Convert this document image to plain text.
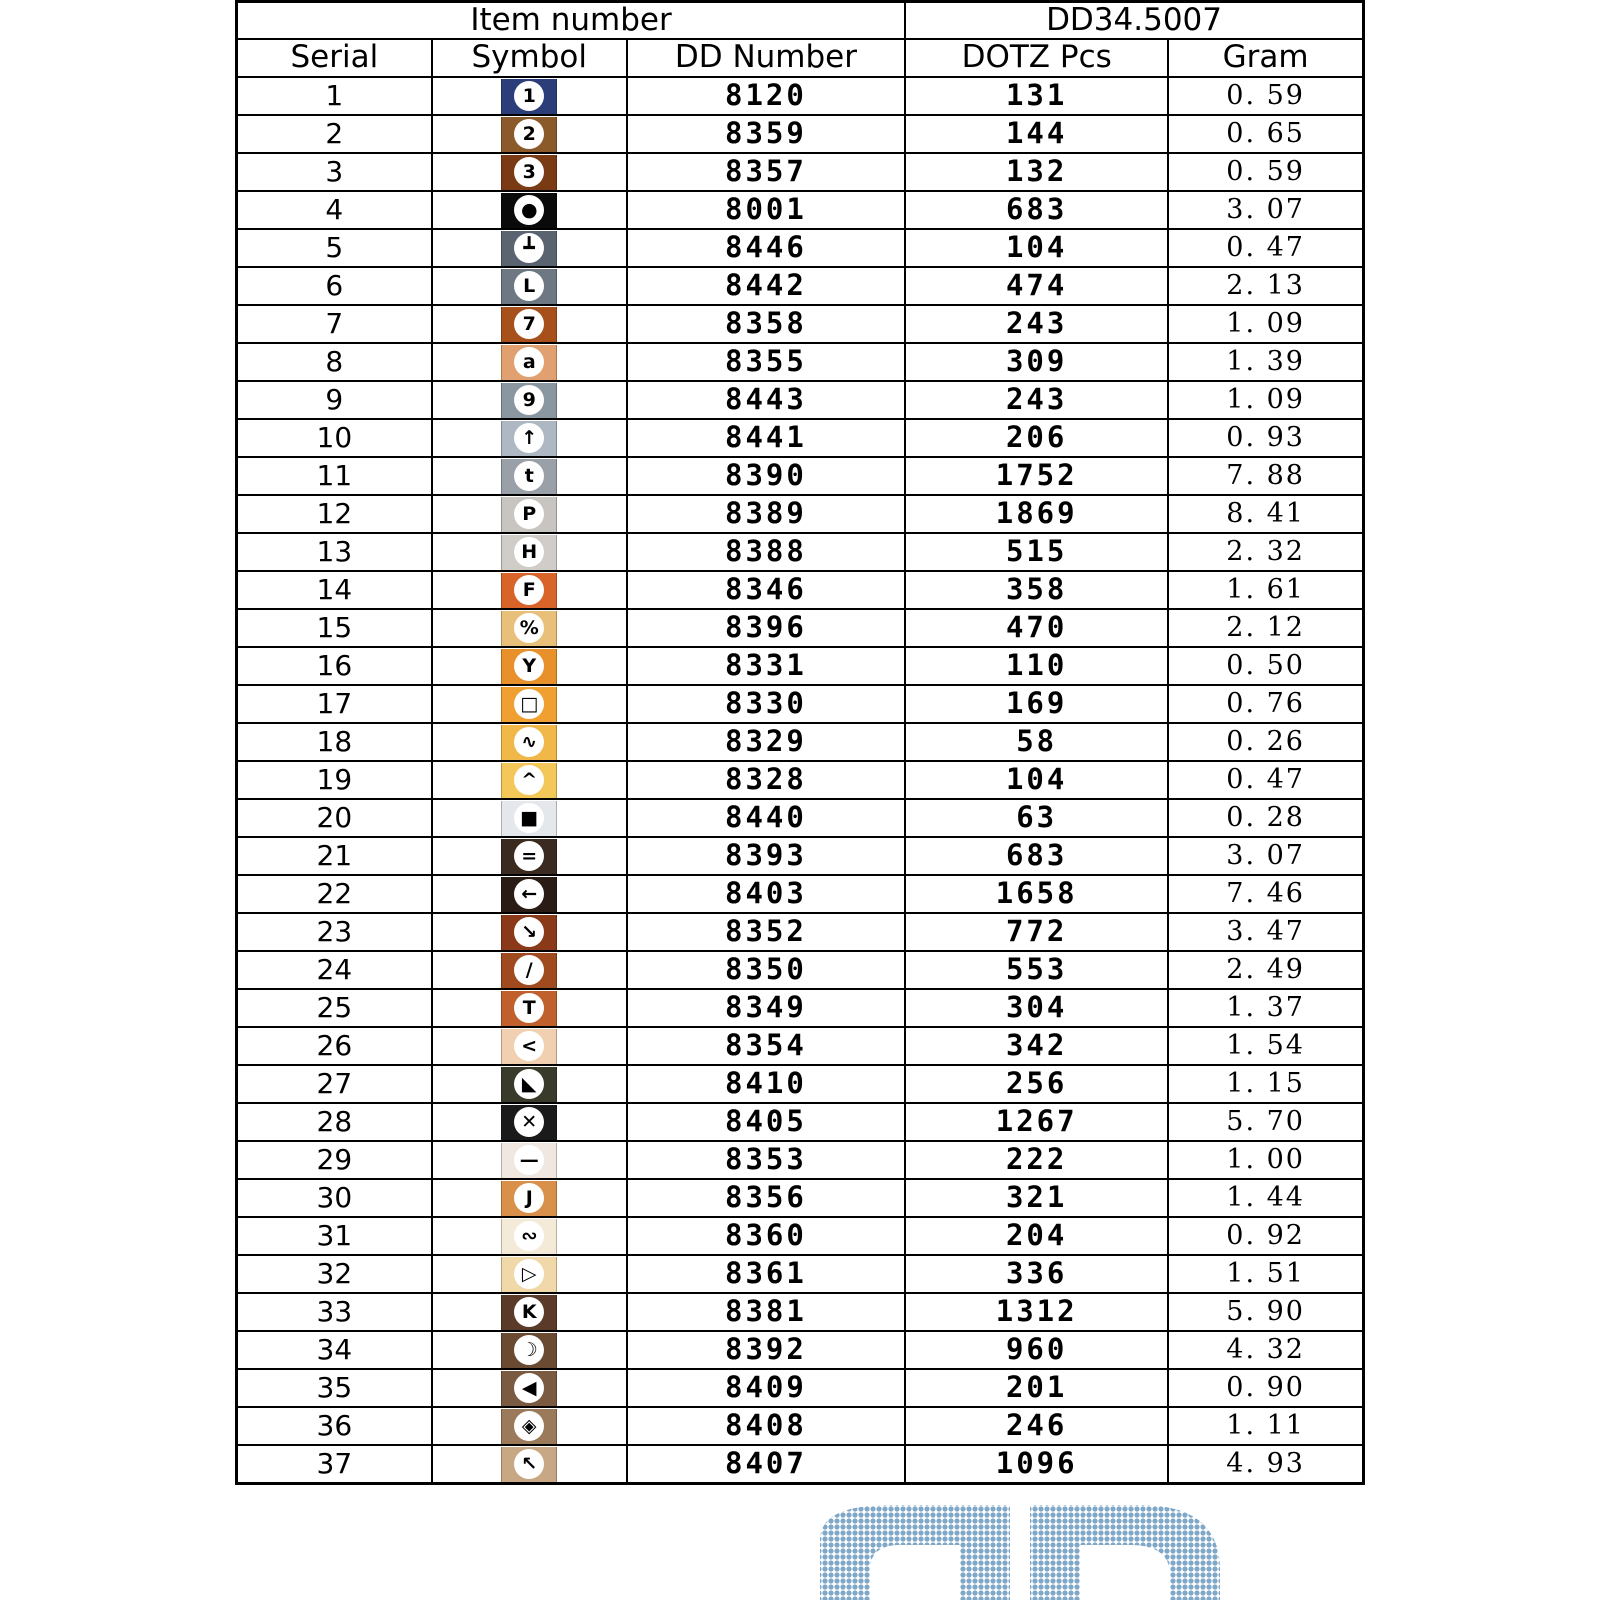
Item number			DD34.5007	
Serial	Symbol	DD Number	DOTZ Pcs	Gram
1	1	8120	131	0. 59
2	2	8359	144	0. 65
3	3	8357	132	0. 59
4	●	8001	683	3. 07
5	┻	8446	104	0. 47
6	L	8442	474	2. 13
7	7	8358	243	1. 09
8	a	8355	309	1. 39
9	9	8443	243	1. 09
10	↑	8441	206	0. 93
11	t	8390	1752	7. 88
12	P	8389	1869	8. 41
13	H	8388	515	2. 32
14	F	8346	358	1. 61
15	%	8396	470	2. 12
16	Y	8331	110	0. 50
17	□	8330	169	0. 76
18	∿	8329	58	0. 26
19	^	8328	104	0. 47
20	■	8440	63	0. 28
21	=	8393	683	3. 07
22	←	8403	1658	7. 46
23	↘	8352	772	3. 47
24	/	8350	553	2. 49
25	T	8349	304	1. 37
26	<	8354	342	1. 54
27	◣	8410	256	1. 15
28	✕	8405	1267	5. 70
29	—	8353	222	1. 00
30	J	8356	321	1. 44
31	∾	8360	204	0. 92
32	▷	8361	336	1. 51
33	K	8381	1312	5. 90
34	☽	8392	960	4. 32
35	◀	8409	201	0. 90
36	◈	8408	246	1. 11
37	↖	8407	1096	4. 93
